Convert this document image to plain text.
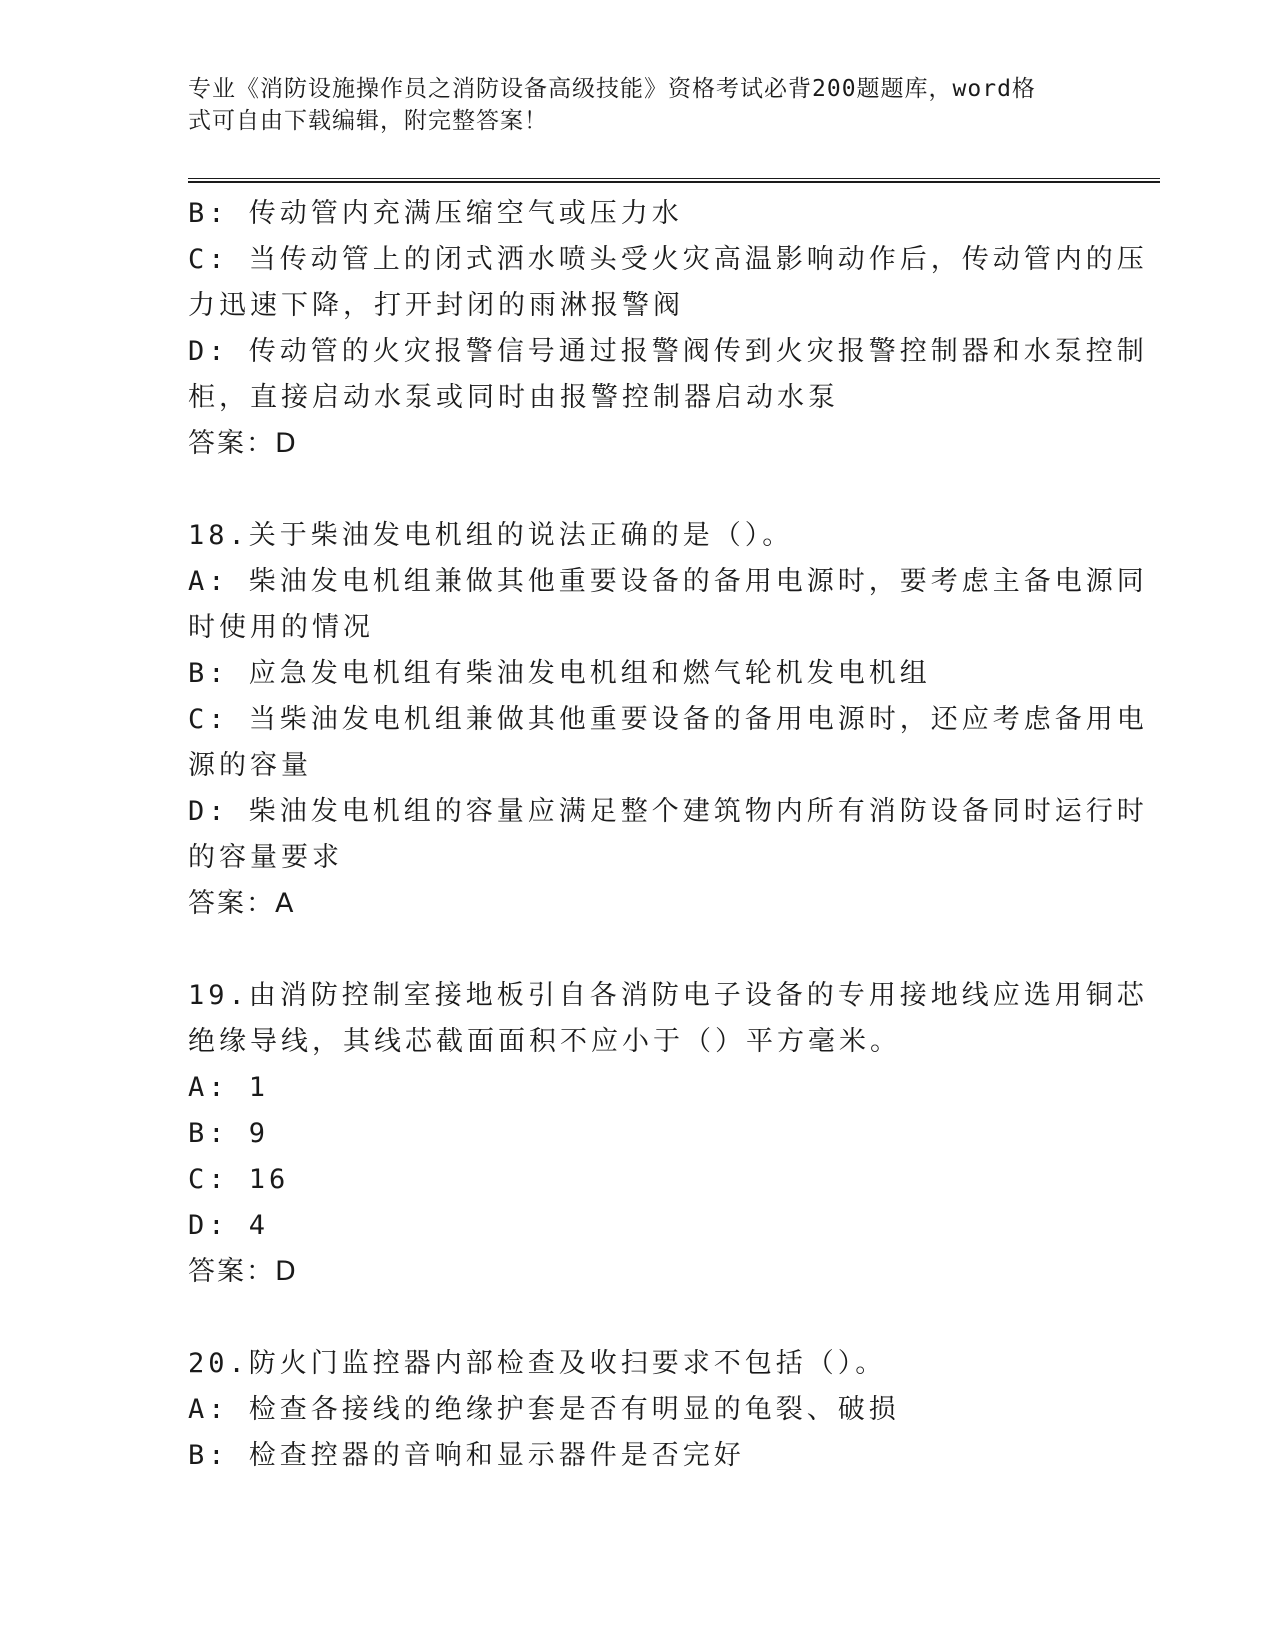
专业《消防设施操作员之消防设备高级技能》资格考试必背200题题库，word格
式可自由下载编辑，附完整答案！
B: 传动管内充满压缩空气或压力水
C: 当传动管上的闭式洒水喷头受火灾高温影响动作后，传动管内的压
力迅速下降，打开封闭的雨淋报警阀
D: 传动管的火灾报警信号通过报警阀传到火灾报警控制器和水泵控制
柜，直接启动水泵或同时由报警控制器启动水泵
答案：D
18.关于柴油发电机组的说法正确的是（）。
A: 柴油发电机组兼做其他重要设备的备用电源时，要考虑主备电源同
时使用的情况
B: 应急发电机组有柴油发电机组和燃气轮机发电机组
C: 当柴油发电机组兼做其他重要设备的备用电源时，还应考虑备用电
源的容量
D: 柴油发电机组的容量应满足整个建筑物内所有消防设备同时运行时
的容量要求
答案：A
19.由消防控制室接地板引自各消防电子设备的专用接地线应选用铜芯
绝缘导线，其线芯截面面积不应小于（）平方毫米。
A: 1
B: 9
C: 16
D: 4
答案：D
20.防火门监控器内部检查及收扫要求不包括（）。
A: 检查各接线的绝缘护套是否有明显的龟裂、破损
B: 检查控器的音响和显示器件是否完好
